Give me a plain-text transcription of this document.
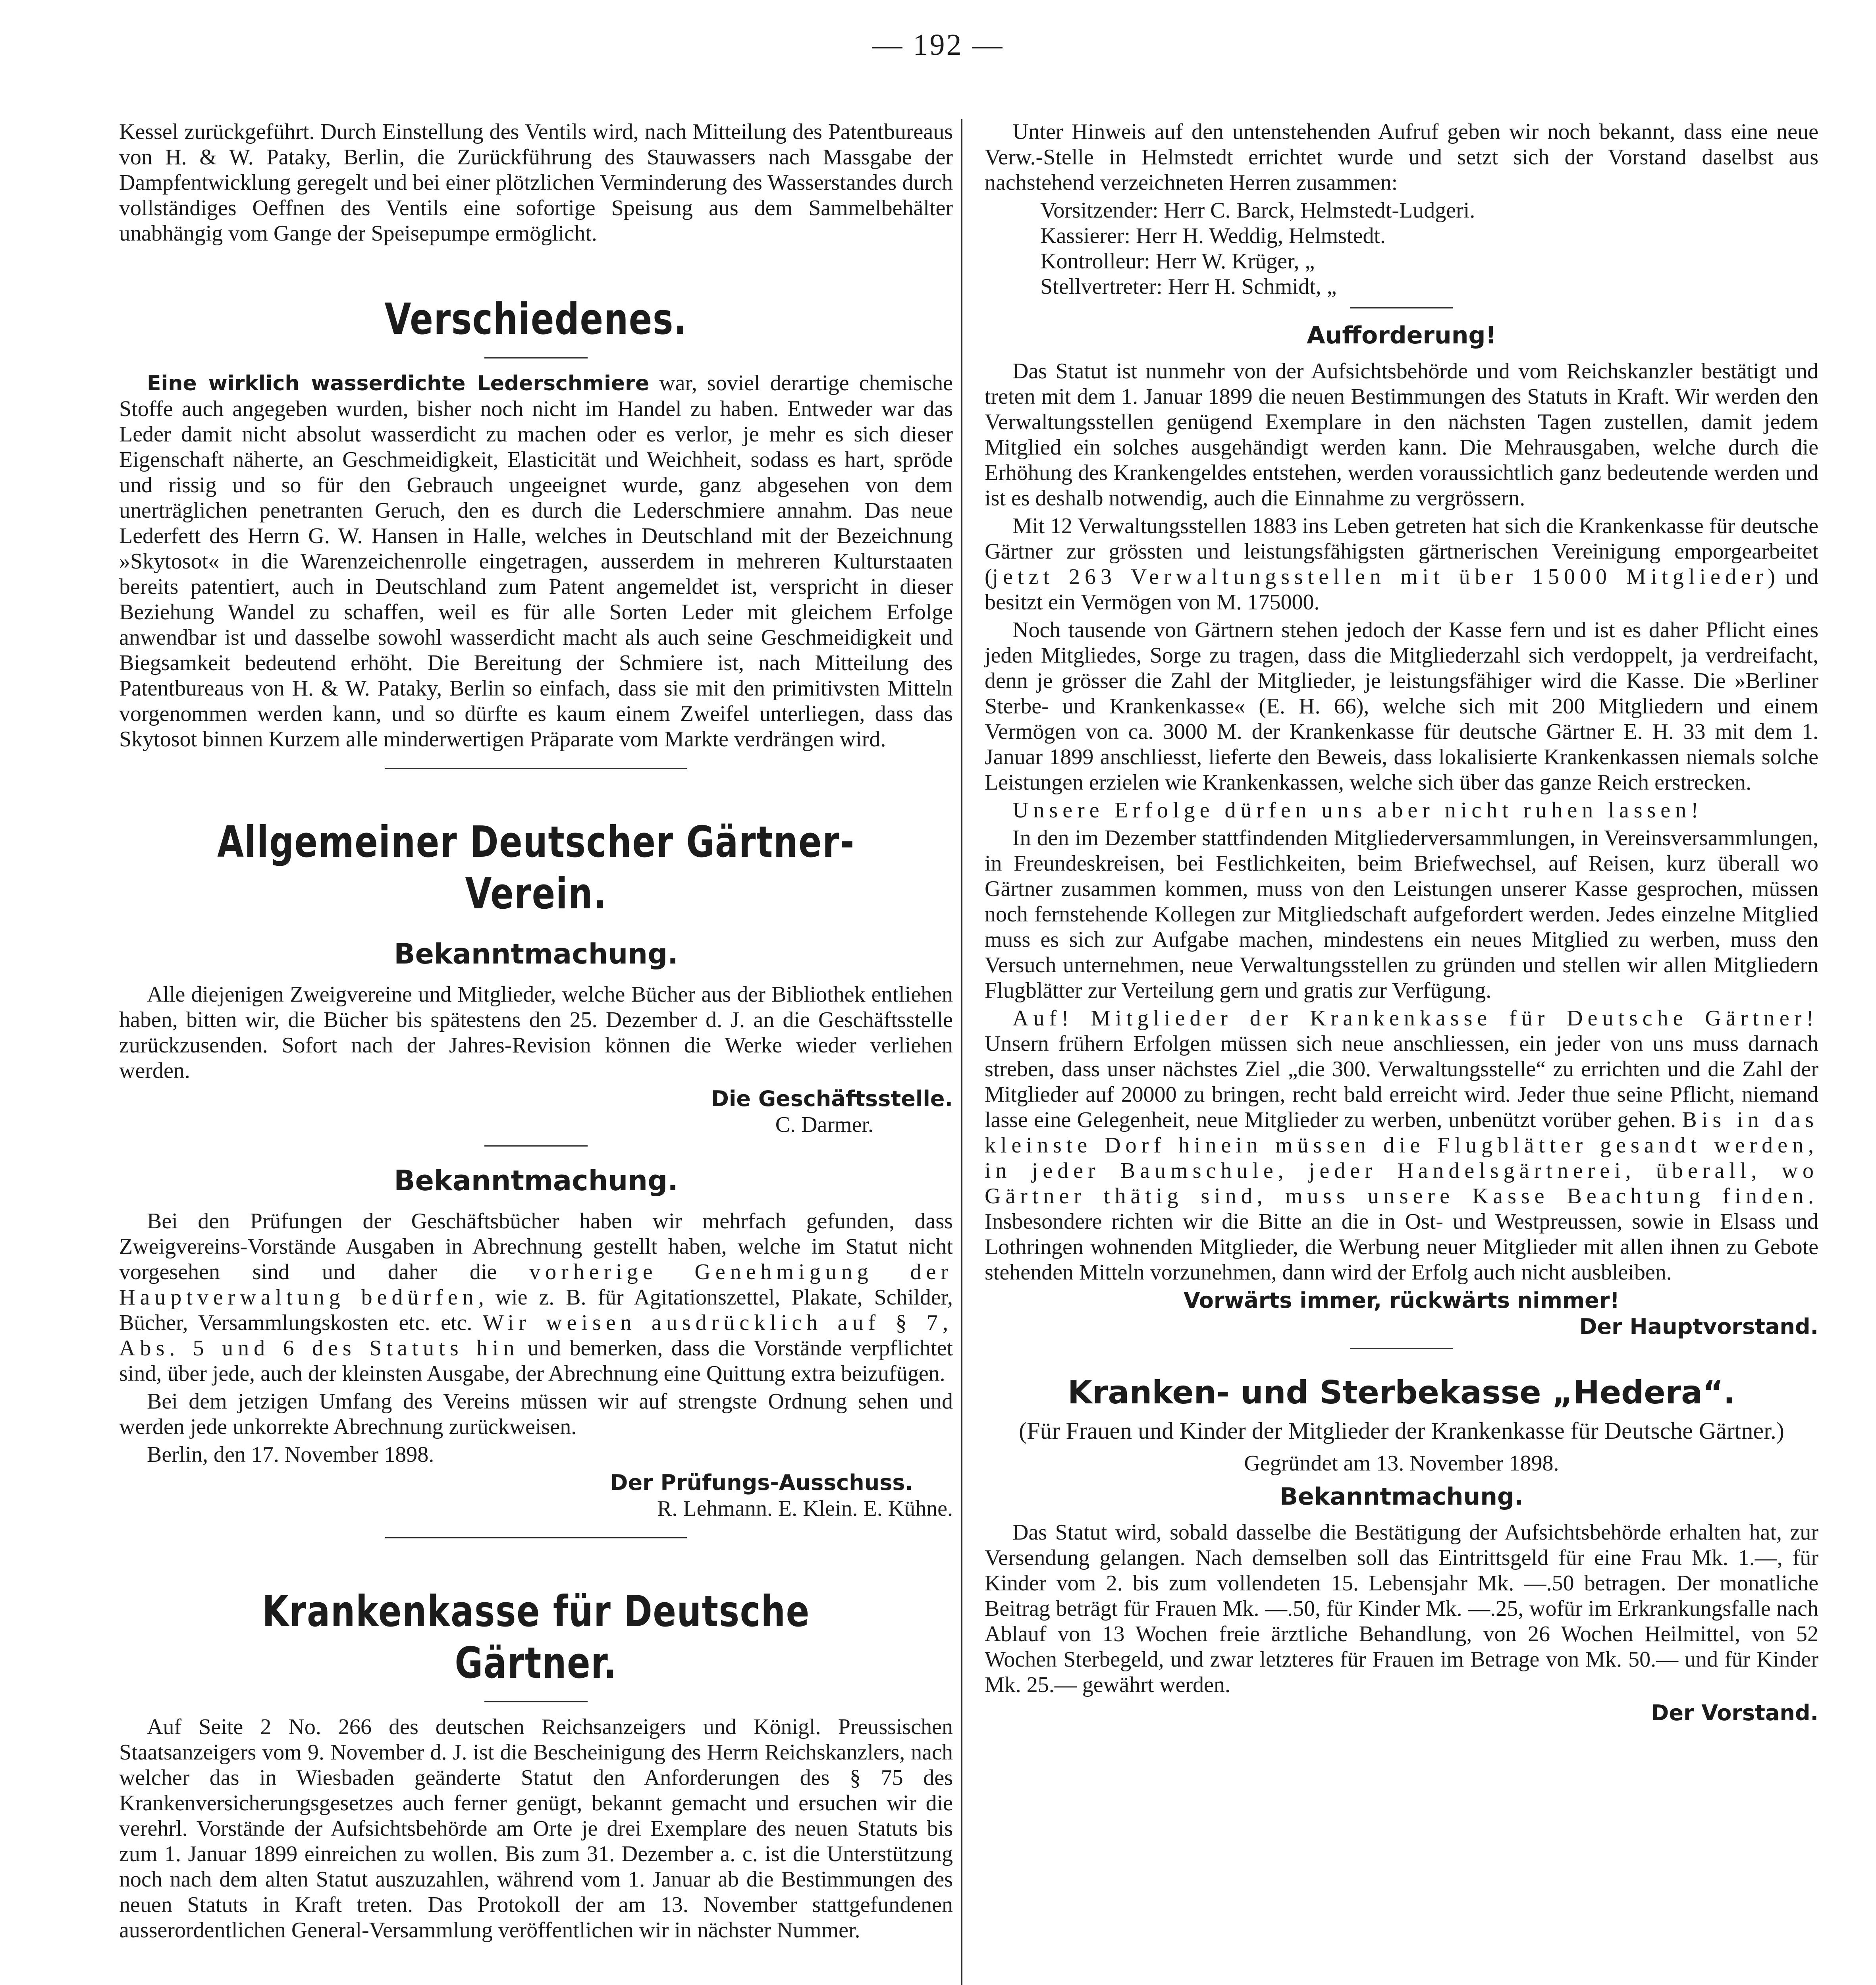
— 192 —

Kessel zurückgeführt. Durch Einstellung des Ventils wird, nach Mitteilung des Patentbureaus von H. & W. Pataky, Berlin, die Zurückführung des Stauwassers nach Massgabe der Dampfentwicklung geregelt und bei einer plötzlichen Verminderung des Wasserstandes durch vollständiges Oeffnen des Ventils eine sofortige Speisung aus dem Sammelbehälter unabhängig vom Gange der Speisepumpe ermöglicht.

Verschiedenes.

Eine wirklich wasserdichte Lederschmiere war, soviel derartige chemische Stoffe auch angegeben wurden, bisher noch nicht im Handel zu haben. Entweder war das Leder damit nicht absolut wasserdicht zu machen oder es verlor, je mehr es sich dieser Eigenschaft näherte, an Geschmeidigkeit, Elasticität und Weichheit, sodass es hart, spröde und rissig und so für den Gebrauch ungeeignet wurde, ganz abgesehen von dem unerträglichen penetranten Geruch, den es durch die Lederschmiere annahm. Das neue Lederfett des Herrn G. W. Hansen in Halle, welches in Deutschland mit der Bezeichnung »Skytosot« in die Warenzeichenrolle eingetragen, ausserdem in mehreren Kulturstaaten bereits patentiert, auch in Deutschland zum Patent angemeldet ist, verspricht in dieser Beziehung Wandel zu schaffen, weil es für alle Sorten Leder mit gleichem Erfolge anwendbar ist und dasselbe sowohl wasserdicht macht als auch seine Geschmeidigkeit und Biegsamkeit bedeutend erhöht. Die Bereitung der Schmiere ist, nach Mitteilung des Patentbureaus von H. & W. Pataky, Berlin so einfach, dass sie mit den primitivsten Mitteln vorgenommen werden kann, und so dürfte es kaum einem Zweifel unterliegen, dass das Skytosot binnen Kurzem alle minderwertigen Präparate vom Markte verdrängen wird.

Allgemeiner Deutscher Gärtner-Verein.
Bekanntmachung.

Alle diejenigen Zweigvereine und Mitglieder, welche Bücher aus der Bibliothek entliehen haben, bitten wir, die Bücher bis spätestens den 25. Dezember d. J. an die Geschäftsstelle zurückzusenden. Sofort nach der Jahres-Revision können die Werke wieder verliehen werden.

Die Geschäftsstelle.
C. Darmer.
Bekanntmachung.

Bei den Prüfungen der Geschäftsbücher haben wir mehrfach gefunden, dass Zweigvereins-Vorstände Ausgaben in Abrechnung gestellt haben, welche im Statut nicht vorgesehen sind und daher die vorherige Genehmigung der Hauptverwaltung bedürfen, wie z. B. für Agitationszettel, Plakate, Schilder, Bücher, Versammlungskosten etc. etc. Wir weisen ausdrücklich auf § 7, Abs. 5 und 6 des Statuts hin und bemerken, dass die Vorstände verpflichtet sind, über jede, auch der kleinsten Ausgabe, der Abrechnung eine Quittung extra beizufügen.

Bei dem jetzigen Umfang des Vereins müssen wir auf strengste Ordnung sehen und werden jede unkorrekte Abrechnung zurückweisen.

Berlin, den 17. November 1898.

Der Prüfungs-Ausschuss.
R. Lehmann. E. Klein. E. Kühne.
Krankenkasse für Deutsche Gärtner.

Auf Seite 2 No. 266 des deutschen Reichsanzeigers und Königl. Preussischen Staatsanzeigers vom 9. November d. J. ist die Bescheinigung des Herrn Reichskanzlers, nach welcher das in Wiesbaden geänderte Statut den Anforderungen des § 75 des Krankenversicherungsgesetzes auch ferner genügt, bekannt gemacht und ersuchen wir die verehrl. Vorstände der Aufsichtsbehörde am Orte je drei Exemplare des neuen Statuts bis zum 1. Januar 1899 einreichen zu wollen. Bis zum 31. Dezember a. c. ist die Unterstützung noch nach dem alten Statut auszuzahlen, während vom 1. Januar ab die Bestimmungen des neuen Statuts in Kraft treten. Das Protokoll der am 13. November stattgefundenen ausserordentlichen General-Versammlung veröffentlichen wir in nächster Nummer.

Unter Hinweis auf den untenstehenden Aufruf geben wir noch bekannt, dass eine neue Verw.-Stelle in Helmstedt errichtet wurde und setzt sich der Vorstand daselbst aus nachstehend verzeichneten Herren zusammen:

Vorsitzender: Herr C. Barck, Helmstedt-Ludgeri.

Kassierer: Herr H. Weddig, Helmstedt.

Kontrolleur: Herr W. Krüger, „

Stellvertreter: Herr H. Schmidt, „

Aufforderung!

Das Statut ist nunmehr von der Aufsichtsbehörde und vom Reichskanzler bestätigt und treten mit dem 1. Januar 1899 die neuen Bestimmungen des Statuts in Kraft. Wir werden den Verwaltungsstellen genügend Exemplare in den nächsten Tagen zustellen, damit jedem Mitglied ein solches ausgehändigt werden kann. Die Mehrausgaben, welche durch die Erhöhung des Krankengeldes entstehen, werden voraussichtlich ganz bedeutende werden und ist es deshalb notwendig, auch die Einnahme zu vergrössern.

Mit 12 Verwaltungsstellen 1883 ins Leben getreten hat sich die Krankenkasse für deutsche Gärtner zur grössten und leistungsfähigsten gärtnerischen Vereinigung emporgearbeitet (jetzt 263 Verwaltungsstellen mit über 15000 Mitglieder) und besitzt ein Vermögen von M. 175000.

Noch tausende von Gärtnern stehen jedoch der Kasse fern und ist es daher Pflicht eines jeden Mitgliedes, Sorge zu tragen, dass die Mitgliederzahl sich verdoppelt, ja verdreifacht, denn je grösser die Zahl der Mitglieder, je leistungsfähiger wird die Kasse. Die »Berliner Sterbe- und Krankenkasse« (E. H. 66), welche sich mit 200 Mitgliedern und einem Vermögen von ca. 3000 M. der Krankenkasse für deutsche Gärtner E. H. 33 mit dem 1. Januar 1899 anschliesst, lieferte den Beweis, dass lokalisierte Krankenkassen niemals solche Leistungen erzielen wie Krankenkassen, welche sich über das ganze Reich erstrecken.

Unsere Erfolge dürfen uns aber nicht ruhen lassen!

In den im Dezember stattfindenden Mitgliederversammlungen, in Vereinsversammlungen, in Freundeskreisen, bei Festlichkeiten, beim Briefwechsel, auf Reisen, kurz überall wo Gärtner zusammen kommen, muss von den Leistungen unserer Kasse gesprochen, müssen noch fernstehende Kollegen zur Mitgliedschaft aufgefordert werden. Jedes einzelne Mitglied muss es sich zur Aufgabe machen, mindestens ein neues Mitglied zu werben, muss den Versuch unternehmen, neue Verwaltungsstellen zu gründen und stellen wir allen Mitgliedern Flugblätter zur Verteilung gern und gratis zur Verfügung.

Auf! Mitglieder der Krankenkasse für Deutsche Gärtner! Unsern frühern Erfolgen müssen sich neue anschliessen, ein jeder von uns muss darnach streben, dass unser nächstes Ziel „die 300. Verwaltungsstelle“ zu errichten und die Zahl der Mitglieder auf 20000 zu bringen, recht bald erreicht wird. Jeder thue seine Pflicht, niemand lasse eine Gelegenheit, neue Mitglieder zu werben, unbenützt vorüber gehen. Bis in das kleinste Dorf hinein müssen die Flugblätter gesandt werden, in jeder Baumschule, jeder Handelsgärtnerei, überall, wo Gärtner thätig sind, muss unsere Kasse Beachtung finden. Insbesondere richten wir die Bitte an die in Ost- und Westpreussen, sowie in Elsass und Lothringen wohnenden Mitglieder, die Werbung neuer Mitglieder mit allen ihnen zu Gebote stehenden Mitteln vorzunehmen, dann wird der Erfolg auch nicht ausbleiben.

Vorwärts immer, rückwärts nimmer!
Der Hauptvorstand.
Kranken- und Sterbekasse „Hedera“.
(Für Frauen und Kinder der Mitglieder der Krankenkasse für Deutsche Gärtner.)
Gegründet am 13. November 1898.
Bekanntmachung.

Das Statut wird, sobald dasselbe die Bestätigung der Aufsichtsbehörde erhalten hat, zur Versendung gelangen. Nach demselben soll das Eintrittsgeld für eine Frau Mk. 1.—, für Kinder vom 2. bis zum vollendeten 15. Lebensjahr Mk. —.50 betragen. Der monatliche Beitrag beträgt für Frauen Mk. —.50, für Kinder Mk. —.25, wofür im Erkrankungsfalle nach Ablauf von 13 Wochen freie ärztliche Behandlung, von 26 Wochen Heilmittel, von 52 Wochen Sterbegeld, und zwar letzteres für Frauen im Betrage von Mk. 50.— und für Kinder Mk. 25.— gewährt werden.

Der Vorstand.
